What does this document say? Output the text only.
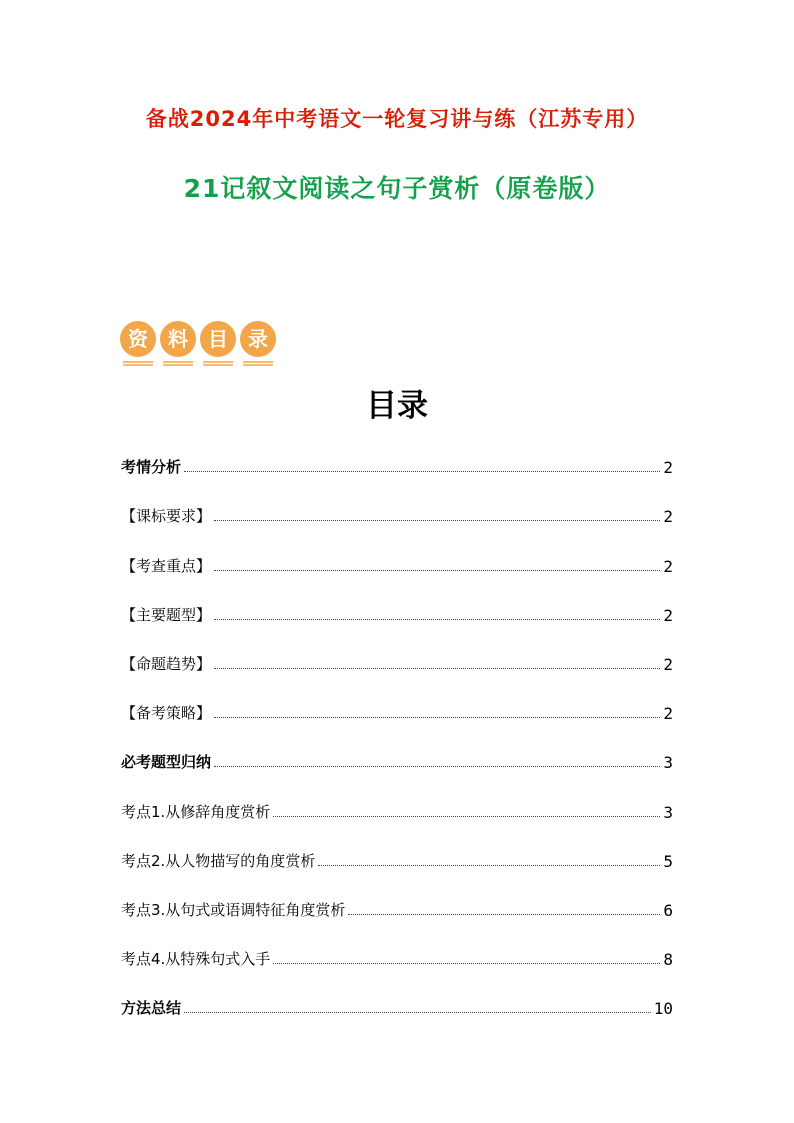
备战2024年中考语文一轮复习讲与练（江苏专用）
21记叙文阅读之句子赏析（原卷版）
资 料 目 录
目录
考情分析	2
【课标要求】	2
【考查重点】	2
【主要题型】	2
【命题趋势】	2
【备考策略】	2
必考题型归纳	3
考点1.从修辞角度赏析	3
考点2.从人物描写的角度赏析	5
考点3.从句式或语调特征角度赏析	6
考点4.从特殊句式入手	8
方法总结	10
